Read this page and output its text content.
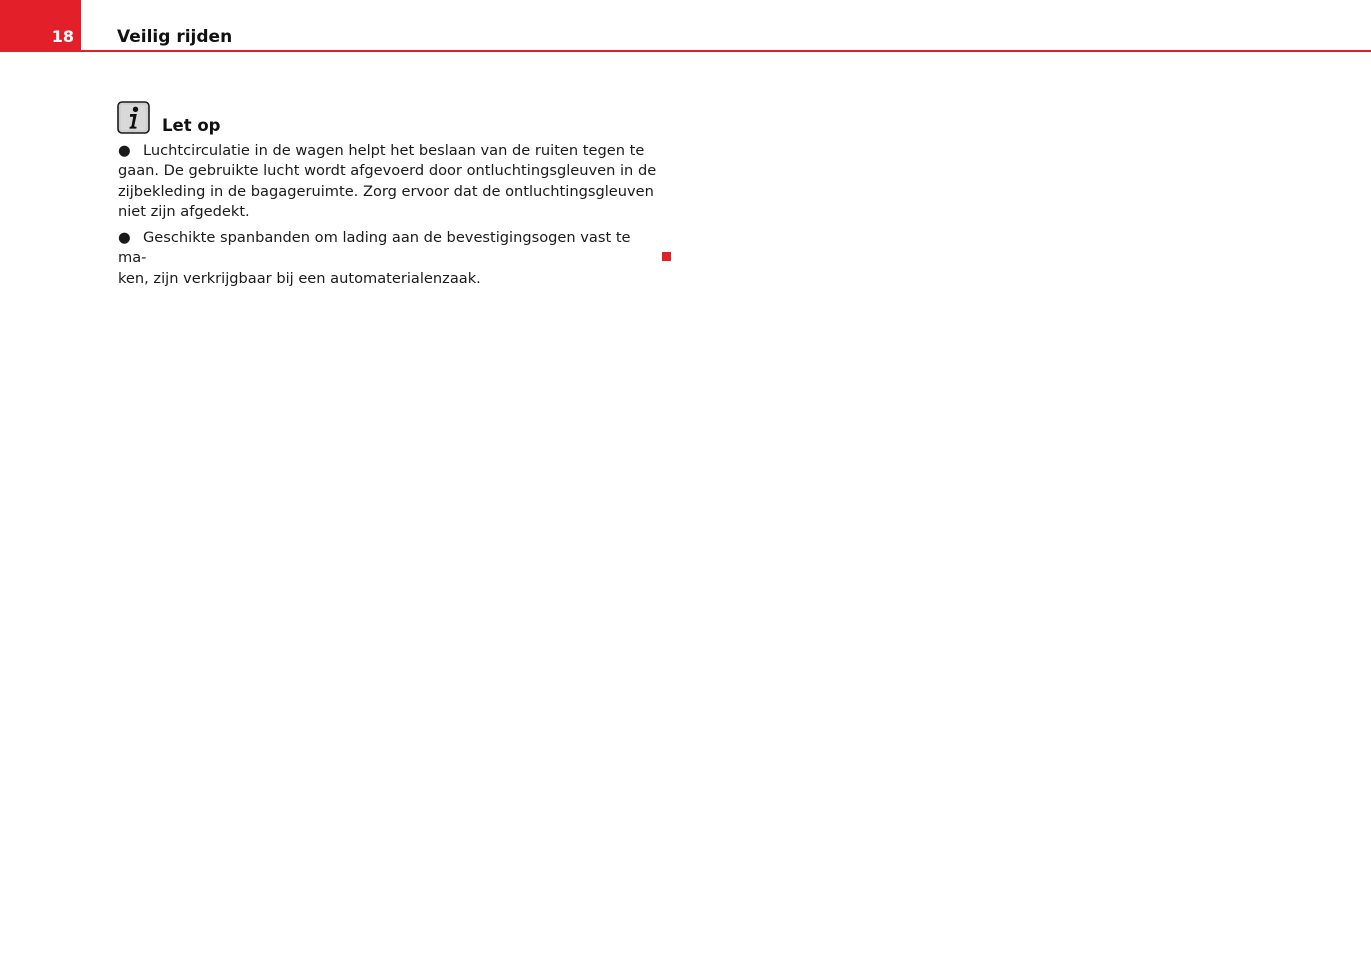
18	Veilig rijden
Let op

● Luchtcirculatie in de wagen helpt het beslaan van de ruiten tegen te
gaan. De gebruikte lucht wordt afgevoerd door ontluchtingsgleuven in de
zijbekleding in de bagageruimte. Zorg ervoor dat de ontluchtingsgleuven
niet zijn afgedekt.

● Geschikte spanbanden om lading aan de bevestigingsogen vast te ma-
ken, zijn verkrijgbaar bij een automaterialenzaak.
